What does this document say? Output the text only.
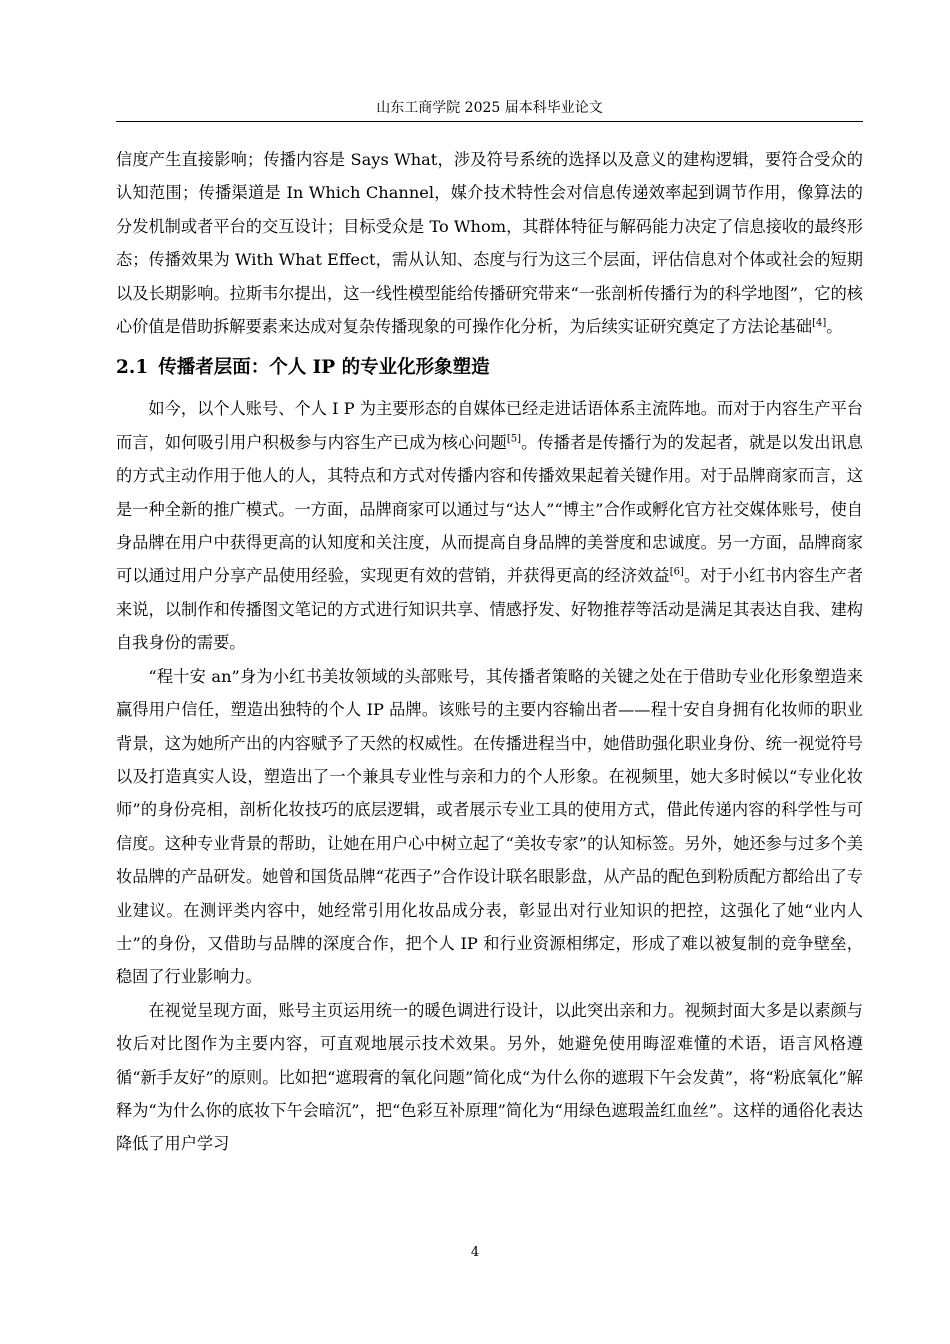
山东工商学院 2025 届本科毕业论文

信度产生直接影响；传播内容是 Says What，涉及符号系统的选择以及意义的建构逻辑，要符合受众的认知范围；传播渠道是 In Which Channel，媒介技术特性会对信息传递效率起到调节作用，像算法的分发机制或者平台的交互设计；目标受众是 To Whom，其群体特征与解码能力决定了信息接收的最终形态；传播效果为 With What Effect，需从认知、态度与行为这三个层面，评估信息对个体或社会的短期以及长期影响。拉斯韦尔提出，这一线性模型能给传播研究带来“一张剖析传播行为的科学地图”，它的核心价值是借助拆解要素来达成对复杂传播现象的可操作化分析，为后续实证研究奠定了方法论基础[4]。

2.1 传播者层面：个人 IP 的专业化形象塑造

如今，以个人账号、个人 I P 为主要形态的自媒体已经走进话语体系主流阵地。而对于内容生产平台而言，如何吸引用户积极参与内容生产已成为核心问题[5]。传播者是传播行为的发起者，就是以发出讯息的方式主动作用于他人的人，其特点和方式对传播内容和传播效果起着关键作用。对于品牌商家而言，这是一种全新的推广模式。一方面，品牌商家可以通过与“达人”“博主”合作或孵化官方社交媒体账号，使自身品牌在用户中获得更高的认知度和关注度，从而提高自身品牌的美誉度和忠诚度。另一方面，品牌商家可以通过用户分享产品使用经验，实现更有效的营销，并获得更高的经济效益[6]。对于小红书内容生产者来说，以制作和传播图文笔记的方式进行知识共享、情感抒发、好物推荐等活动是满足其表达自我、建构自我身份的需要。

“程十安 an”身为小红书美妆领域的头部账号，其传播者策略的关键之处在于借助专业化形象塑造来赢得用户信任，塑造出独特的个人 IP 品牌。该账号的主要内容输出者——程十安自身拥有化妆师的职业背景，这为她所产出的内容赋予了天然的权威性。在传播进程当中，她借助强化职业身份、统一视觉符号以及打造真实人设，塑造出了一个兼具专业性与亲和力的个人形象。在视频里，她大多时候以“专业化妆师”的身份亮相，剖析化妆技巧的底层逻辑，或者展示专业工具的使用方式，借此传递内容的科学性与可信度。这种专业背景的帮助，让她在用户心中树立起了“美妆专家”的认知标签。另外，她还参与过多个美妆品牌的产品研发。她曾和国货品牌“花西子”合作设计联名眼影盘，从产品的配色到粉质配方都给出了专业建议。在测评类内容中，她经常引用化妆品成分表，彰显出对行业知识的把控，这强化了她“业内人士”的身份，又借助与品牌的深度合作，把个人 IP 和行业资源相绑定，形成了难以被复制的竞争壁垒，稳固了行业影响力。

在视觉呈现方面，账号主页运用统一的暖色调进行设计，以此突出亲和力。视频封面大多是以素颜与妆后对比图作为主要内容，可直观地展示技术效果。另外，她避免使用晦涩难懂的术语，语言风格遵循“新手友好”的原则。比如把“遮瑕膏的氧化问题”简化成“为什么你的遮瑕下午会发黄”，将“粉底氧化”解释为“为什么你的底妆下午会暗沉”，把“色彩互补原理”简化为“用绿色遮瑕盖红血丝”。这样的通俗化表达降低了用户学习

4
